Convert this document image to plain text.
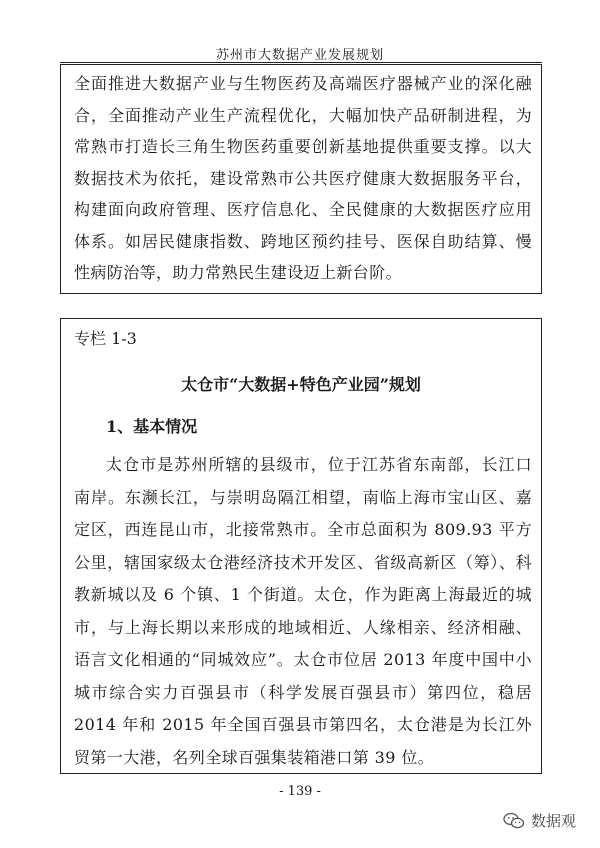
苏州市大数据产业发展规划

全面推进大数据产业与生物医药及高端医疗器械产业的深化融合，全面推动产业生产流程优化，大幅加快产品研制进程，为常熟市打造长三角生物医药重要创新基地提供重要支撑。以大数据技术为依托，建设常熟市公共医疗健康大数据服务平台，构建面向政府管理、医疗信息化、全民健康的大数据医疗应用体系。如居民健康指数、跨地区预约挂号、医保自助结算、慢性病防治等，助力常熟民生建设迈上新台阶。

专栏 1-3
太仓市“大数据+特色产业园”规划
1、基本情况

太仓市是苏州所辖的县级市，位于江苏省东南部，长江口南岸。东濒长江，与崇明岛隔江相望，南临上海市宝山区、嘉定区，西连昆山市，北接常熟市。全市总面积为 809.93 平方公里，辖国家级太仓港经济技术开发区、省级高新区（筹）、科教新城以及 6 个镇、1 个街道。太仓，作为距离上海最近的城市，与上海长期以来形成的地域相近、人缘相亲、经济相融、语言文化相通的“同城效应”。太仓市位居 2013 年度中国中小城市综合实力百强县市（科学发展百强县市）第四位，稳居 2014 年和 2015 年全国百强县市第四名，太仓港是为长江外贸第一大港，名列全球百强集装箱港口第 39 位。

- 139 -
数据观
